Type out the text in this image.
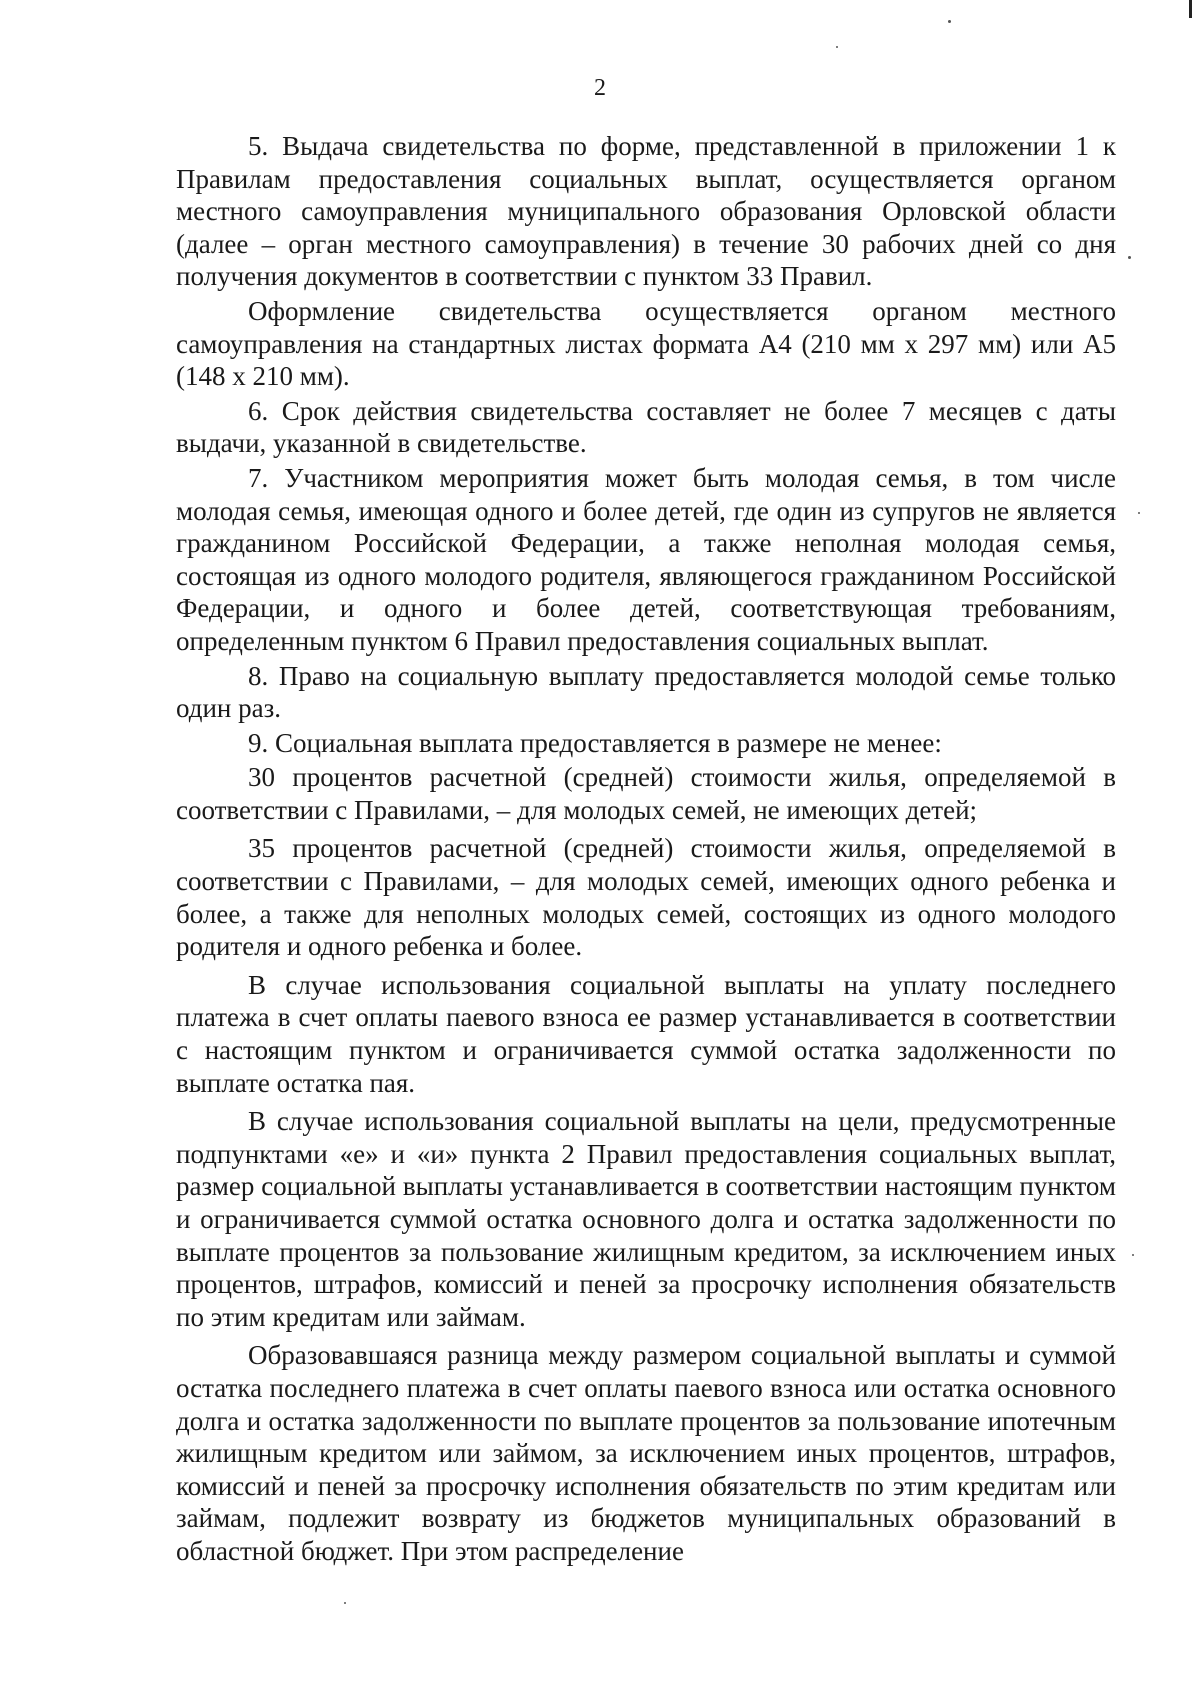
2

5. Выдача свидетельства по форме, представленной в приложении 1 к Правилам предоставления социальных выплат, осуществляется органом местного самоуправления муниципального образования Орловской области (далее – орган местного самоуправления) в течение 30 рабочих дней со дня получения документов в соответствии с пунктом 33 Правил.

Оформление свидетельства осуществляется органом местного самоуправления на стандартных листах формата А4 (210 мм х 297 мм) или А5 (148 х 210 мм).

6. Срок действия свидетельства составляет не более 7 месяцев с даты выдачи, указанной в свидетельстве.

7. Участником мероприятия может быть молодая семья, в том числе молодая семья, имеющая одного и более детей, где один из супругов не является гражданином Российской Федерации, а также неполная молодая семья, состоящая из одного молодого родителя, являющегося гражданином Российской Федерации, и одного и более детей, соответствующая требованиям, определенным пунктом 6 Правил предоставления социальных выплат.

8. Право на социальную выплату предоставляется молодой семье только один раз.

9. Социальная выплата предоставляется в размере не менее:

30 процентов расчетной (средней) стоимости жилья, определяемой в соответствии с Правилами, – для молодых семей, не имеющих детей;

35 процентов расчетной (средней) стоимости жилья, определяемой в соответствии с Правилами, – для молодых семей, имеющих одного ребенка и более, а также для неполных молодых семей, состоящих из одного молодого родителя и одного ребенка и более.

В случае использования социальной выплаты на уплату последнего платежа в счет оплаты паевого взноса ее размер устанавливается в соответствии с настоящим пунктом и ограничивается суммой остатка задолженности по выплате остатка пая.

В случае использования социальной выплаты на цели, предусмотренные подпунктами «е» и «и» пункта 2 Правил предоставления социальных выплат, размер социальной выплаты устанавливается в соответствии настоящим пунктом и ограничивается суммой остатка основного долга и остатка задолженности по выплате процентов за пользование жилищным кредитом, за исключением иных процентов, штрафов, комиссий и пеней за просрочку исполнения обязательств по этим кредитам или займам.

Образовавшаяся разница между размером социальной выплаты и суммой остатка последнего платежа в счет оплаты паевого взноса или остатка основного долга и остатка задолженности по выплате процентов за пользование ипотечным жилищным кредитом или займом, за исключением иных процентов, штрафов, комиссий и пеней за просрочку исполнения обязательств по этим кредитам или займам, подлежит возврату из бюджетов муниципальных образований в областной бюджет. При этом распределение
